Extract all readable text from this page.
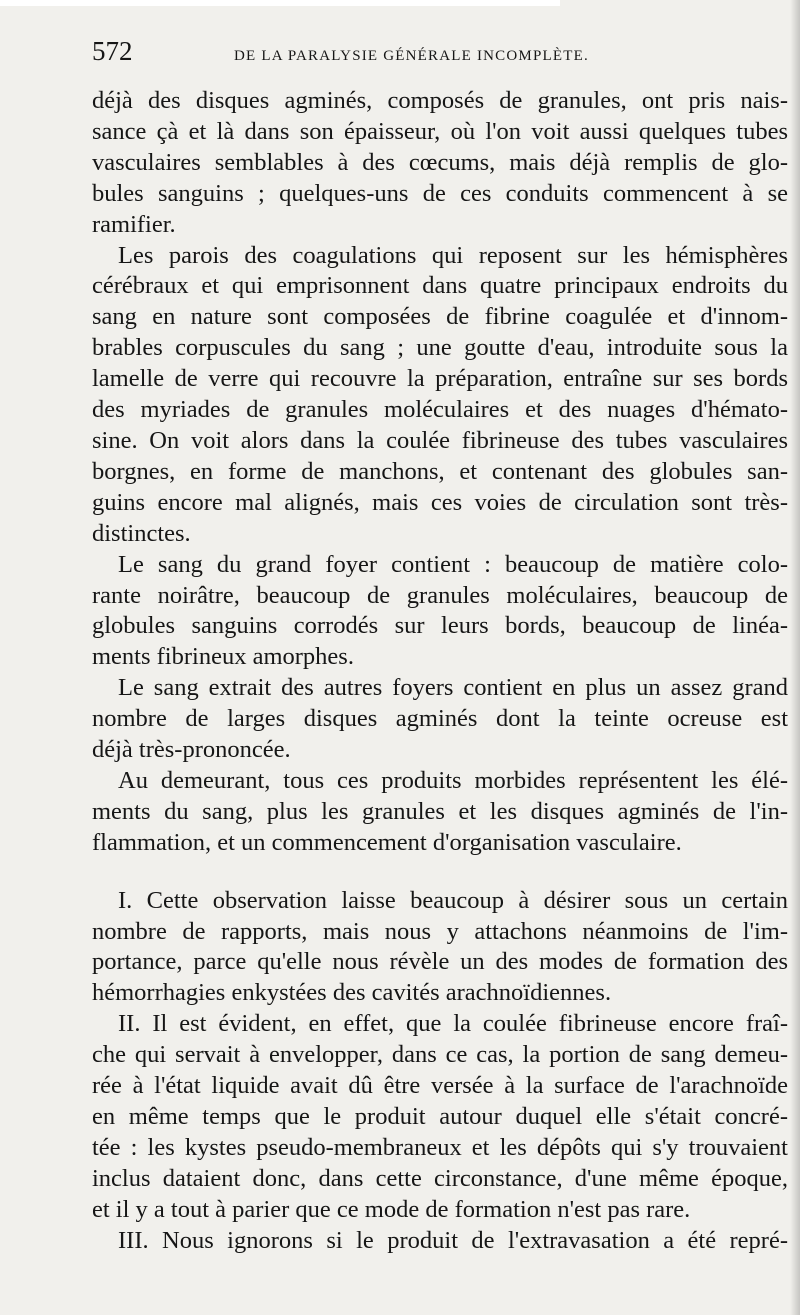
572	DE LA PARALYSIE GÉNÉRALE INCOMPLÈTE.
déjà des disques agminés, composés de granules, ont pris nais-
sance çà et là dans son épaisseur, où l'on voit aussi quelques tubes
vasculaires semblables à des cœcums, mais déjà remplis de glo-
bules sanguins ; quelques-uns de ces conduits commencent à se
ramifier.
Les parois des coagulations qui reposent sur les hémisphères
cérébraux et qui emprisonnent dans quatre principaux endroits du
sang en nature sont composées de fibrine coagulée et d'innom-
brables corpuscules du sang ; une goutte d'eau, introduite sous la
lamelle de verre qui recouvre la préparation, entraîne sur ses bords
des myriades de granules moléculaires et des nuages d'hémato-
sine. On voit alors dans la coulée fibrineuse des tubes vasculaires
borgnes, en forme de manchons, et contenant des globules san-
guins encore mal alignés, mais ces voies de circulation sont très-
distinctes.
Le sang du grand foyer contient : beaucoup de matière colo-
rante noirâtre, beaucoup de granules moléculaires, beaucoup de
globules sanguins corrodés sur leurs bords, beaucoup de linéa-
ments fibrineux amorphes.
Le sang extrait des autres foyers contient en plus un assez grand
nombre de larges disques agminés dont la teinte ocreuse est
déjà très-prononcée.
Au demeurant, tous ces produits morbides représentent les élé-
ments du sang, plus les granules et les disques agminés de l'in-
flammation, et un commencement d'organisation vasculaire.
I. Cette observation laisse beaucoup à désirer sous un certain
nombre de rapports, mais nous y attachons néanmoins de l'im-
portance, parce qu'elle nous révèle un des modes de formation des
hémorrhagies enkystées des cavités arachnoïdiennes.
II. Il est évident, en effet, que la coulée fibrineuse encore fraî-
che qui servait à envelopper, dans ce cas, la portion de sang demeu-
rée à l'état liquide avait dû être versée à la surface de l'arachnoïde
en même temps que le produit autour duquel elle s'était concré-
tée : les kystes pseudo-membraneux et les dépôts qui s'y trouvaient
inclus dataient donc, dans cette circonstance, d'une même époque,
et il y a tout à parier que ce mode de formation n'est pas rare.
III. Nous ignorons si le produit de l'extravasation a été repré-
